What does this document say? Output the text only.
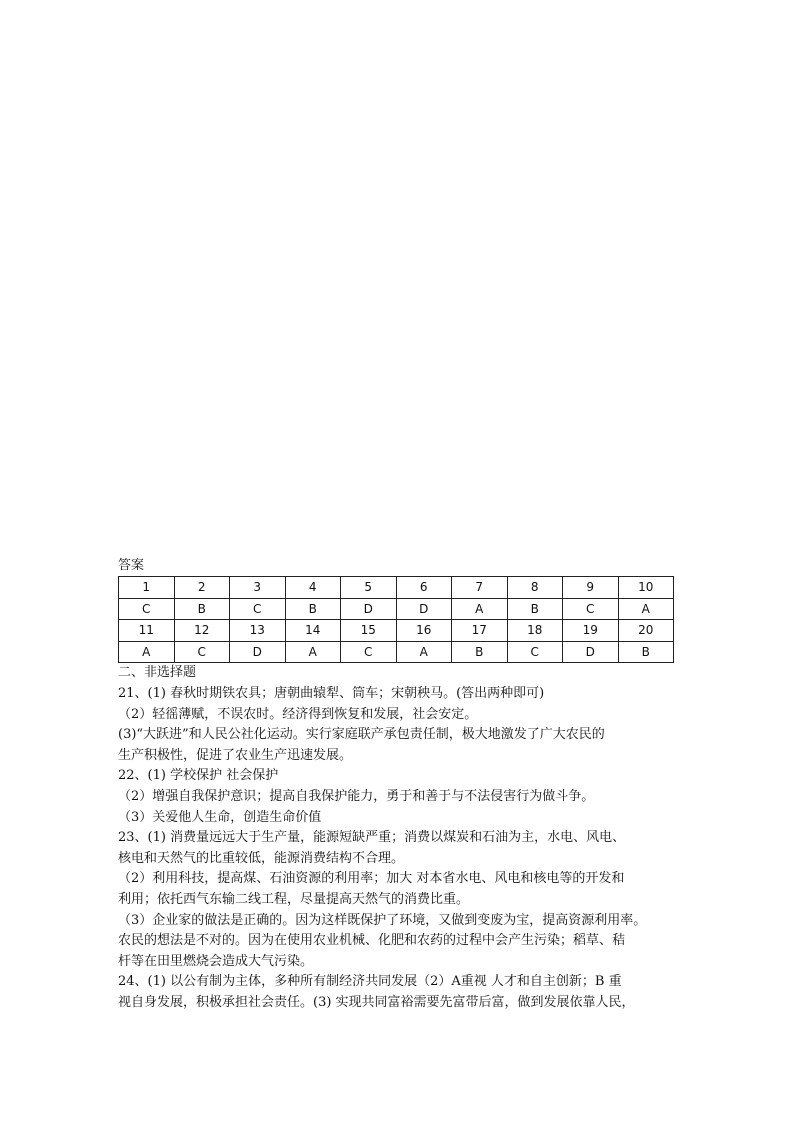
答案
1	2	3	4	5	6	7	8	9	10
C	B	C	B	D	D	A	B	C	A
11	12	13	14	15	16	17	18	19	20
A	C	D	A	C	A	B	C	D	B
二、非选择题
21、(1) 春秋时期铁农具；唐朝曲辕犁、筒车；宋朝秧马。(答出两种即可)
（2）轻徭薄赋，不误农时。经济得到恢复和发展，社会安定。
(3)“大跃进”和人民公社化运动。实行家庭联产承包责任制，极大地激发了广大农民的
生产积极性，促进了农业生产迅速发展。
22、(1) 学校保护 社会保护
（2）增强自我保护意识；提高自我保护能力，勇于和善于与不法侵害行为做斗争。
（3）关爱他人生命，创造生命价值
23、(1) 消费量远远大于生产量，能源短缺严重；消费以煤炭和石油为主，水电、风电、
核电和天然气的比重较低，能源消费结构不合理。
（2）利用科技，提高煤、石油资源的利用率；加大 对本省水电、风电和核电等的开发和
利用；依托西气东输二线工程，尽量提高天然气的消费比重。
（3）企业家的做法是正确的。因为这样既保护了环境，又做到变废为宝，提高资源利用率。
农民的想法是不对的。因为在使用农业机械、化肥和农药的过程中会产生污染；稻草、秸
杆等在田里燃烧会造成大气污染。
24、(1) 以公有制为主体，多种所有制经济共同发展（2）A重视 人才和自主创新；B 重
视自身发展，积极承担社会责任。(3) 实现共同富裕需要先富带后富，做到发展依靠人民，
